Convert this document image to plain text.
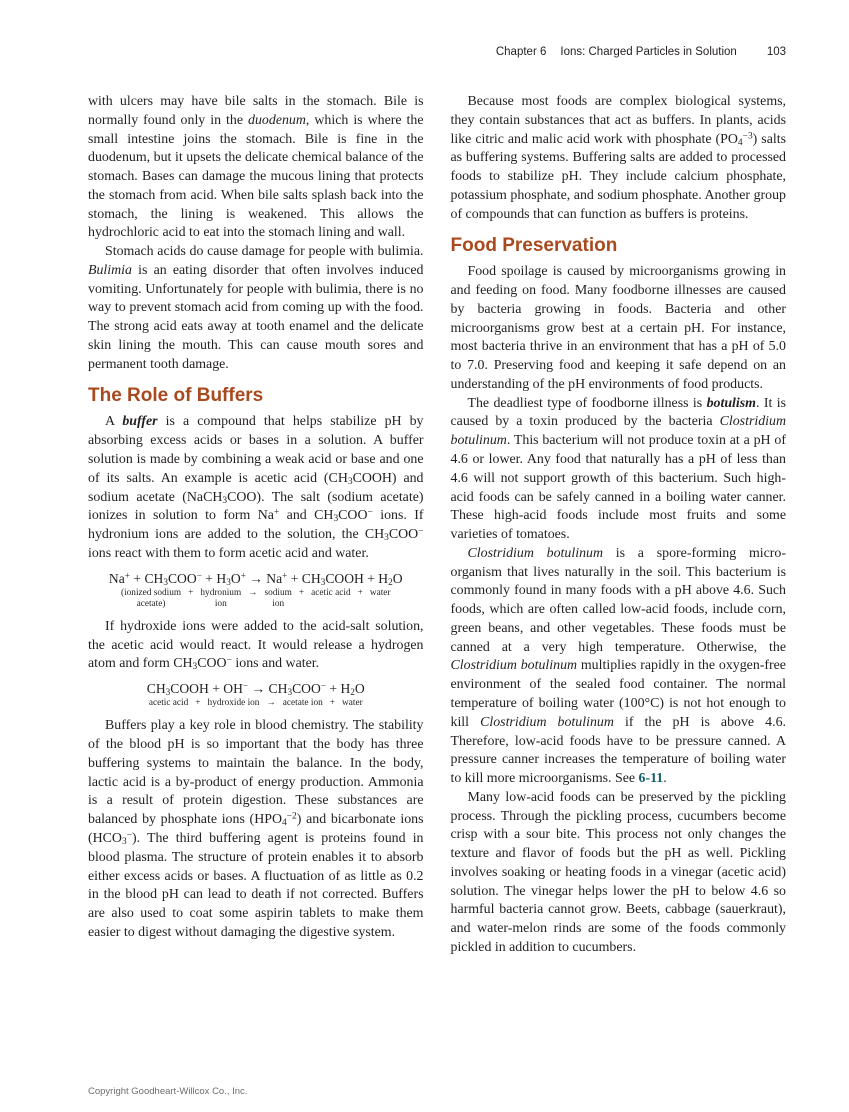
Chapter 6 Ions: Charged Particles in Solution	103
with ulcers may have bile salts in the stomach. Bile is normally found only in the duodenum, which is where the small intestine joins the stomach. Bile is fine in the duodenum, but it upsets the delicate chemical balance of the stomach. Bases can damage the mucous lining that protects the stomach from acid. When bile salts splash back into the stomach, the lining is weakened. This allows the hydrochloric acid to eat into the stomach lining and wall.
Stomach acids do cause damage for people with bulimia. Bulimia is an eating disorder that often involves induced vomiting. Unfortunately for people with bulimia, there is no way to prevent stomach acid from coming up with the food. The strong acid eats away at tooth enamel and the delicate skin lining the mouth. This can cause mouth sores and permanent tooth damage.
The Role of Buffers
A buffer is a compound that helps stabilize pH by absorbing excess acids or bases in a solution. A buffer solution is made by combining a weak acid or base and one of its salts. An example is acetic acid $(CH_3COOH)$ and sodium acetate (NaCH$_3$COO). The salt (sodium acetate) ionizes in solution to form Na+ and $CH_3COO^-$ ions. If hydronium ions are added to the solution, the $CH_3COO^-$ ions react with them to form acetic acid and water.
$Na^+ + CH_3COO^- + H_3O^+ \to Na^+$ + $CH_3COOH + H_2O$
(ionized sodium
acetate)
+ hydronium
ion
→ sodium
ion
+ acetic acid + water
If hydroxide ions were added to the acid-salt solution, the acetic acid would react. It would release a hydrogen atom and form $CH_3COO^-$ ions and water.
$CH_3COOH + OH^- \to CH_3COO^- + H_2O$
acetic acid + hydroxide ion → acetate ion + water
Buffers play a key role in blood chemistry. The stability of the blood pH is so important that the body has three buffering systems to maintain the balance. In the body, lactic acid is a by-product of energy production. Ammonia is a result of protein digestion. These substances are balanced by phosphate ions $(HPO_4^{-2})$ and bicarbonate ions $(HCO_3^-)$. The third buffering agent is proteins found in blood plasma. The structure of protein enables it to absorb either excess acids or bases. A fluctuation of as little as 0.2 in the blood pH can lead to death if not corrected. Buffers are also used to coat some aspirin tablets to make them easier to digest without damaging the digestive system.
Because most foods are complex biological systems, they contain substances that act as buffers. In plants, acids like citric and malic acid work with phosphate $(PO_4^{-3})$ salts as buffering systems. Buffering salts are added to processed foods to stabilize pH. They include calcium phosphate, potassium phosphate, and sodium phosphate. Another group of compounds that can function as buffers is proteins.
Food Preservation
Food spoilage is caused by microorganisms growing in and feeding on food. Many foodborne illnesses are caused by bacteria growing in foods. Bacteria and other microorganisms grow best at a certain pH. For instance, most bacteria thrive in an environment that has a pH of 5.0 to 7.0. Preserving food and keeping it safe depend on an understanding of the pH environments of food products.
The deadliest type of foodborne illness is botulism. It is caused by a toxin produced by the bacteria Clostridium botulinum. This bacterium will not produce toxin at a pH of 4.6 or lower. Any food that naturally has a pH of less than 4.6 will not support growth of this bacterium. Such high-acid foods can be safely canned in a boiling water canner. These high-acid foods include most fruits and some varieties of tomatoes.
Clostridium botulinum is a spore-forming micro-organism that lives naturally in the soil. This bacterium is commonly found in many foods with a pH above 4.6. Such foods, which are often called low-acid foods, include corn, green beans, and other vegetables. These foods must be canned at a very high temperature. Otherwise, the Clostridium botulinum multiplies rapidly in the oxygen-free environment of the sealed food container. The normal temperature of boiling water (100°C) is not hot enough to kill Clostridium botulinum if the pH is above 4.6. Therefore, low-acid foods have to be pressure canned. A pressure canner increases the temperature of boiling water to kill more microorganisms. See 6-11.
Many low-acid foods can be preserved by the pickling process. Through the pickling process, cucumbers become crisp with a sour bite. This process not only changes the texture and flavor of foods but the pH as well. Pickling involves soaking or heating foods in a vinegar (acetic acid) solution. The vinegar helps lower the pH to below 4.6 so harmful bacteria cannot grow. Beets, cabbage (sauerkraut), and water-melon rinds are some of the foods commonly pickled in addition to cucumbers.
Copyright Goodheart-Willcox Co., Inc.
